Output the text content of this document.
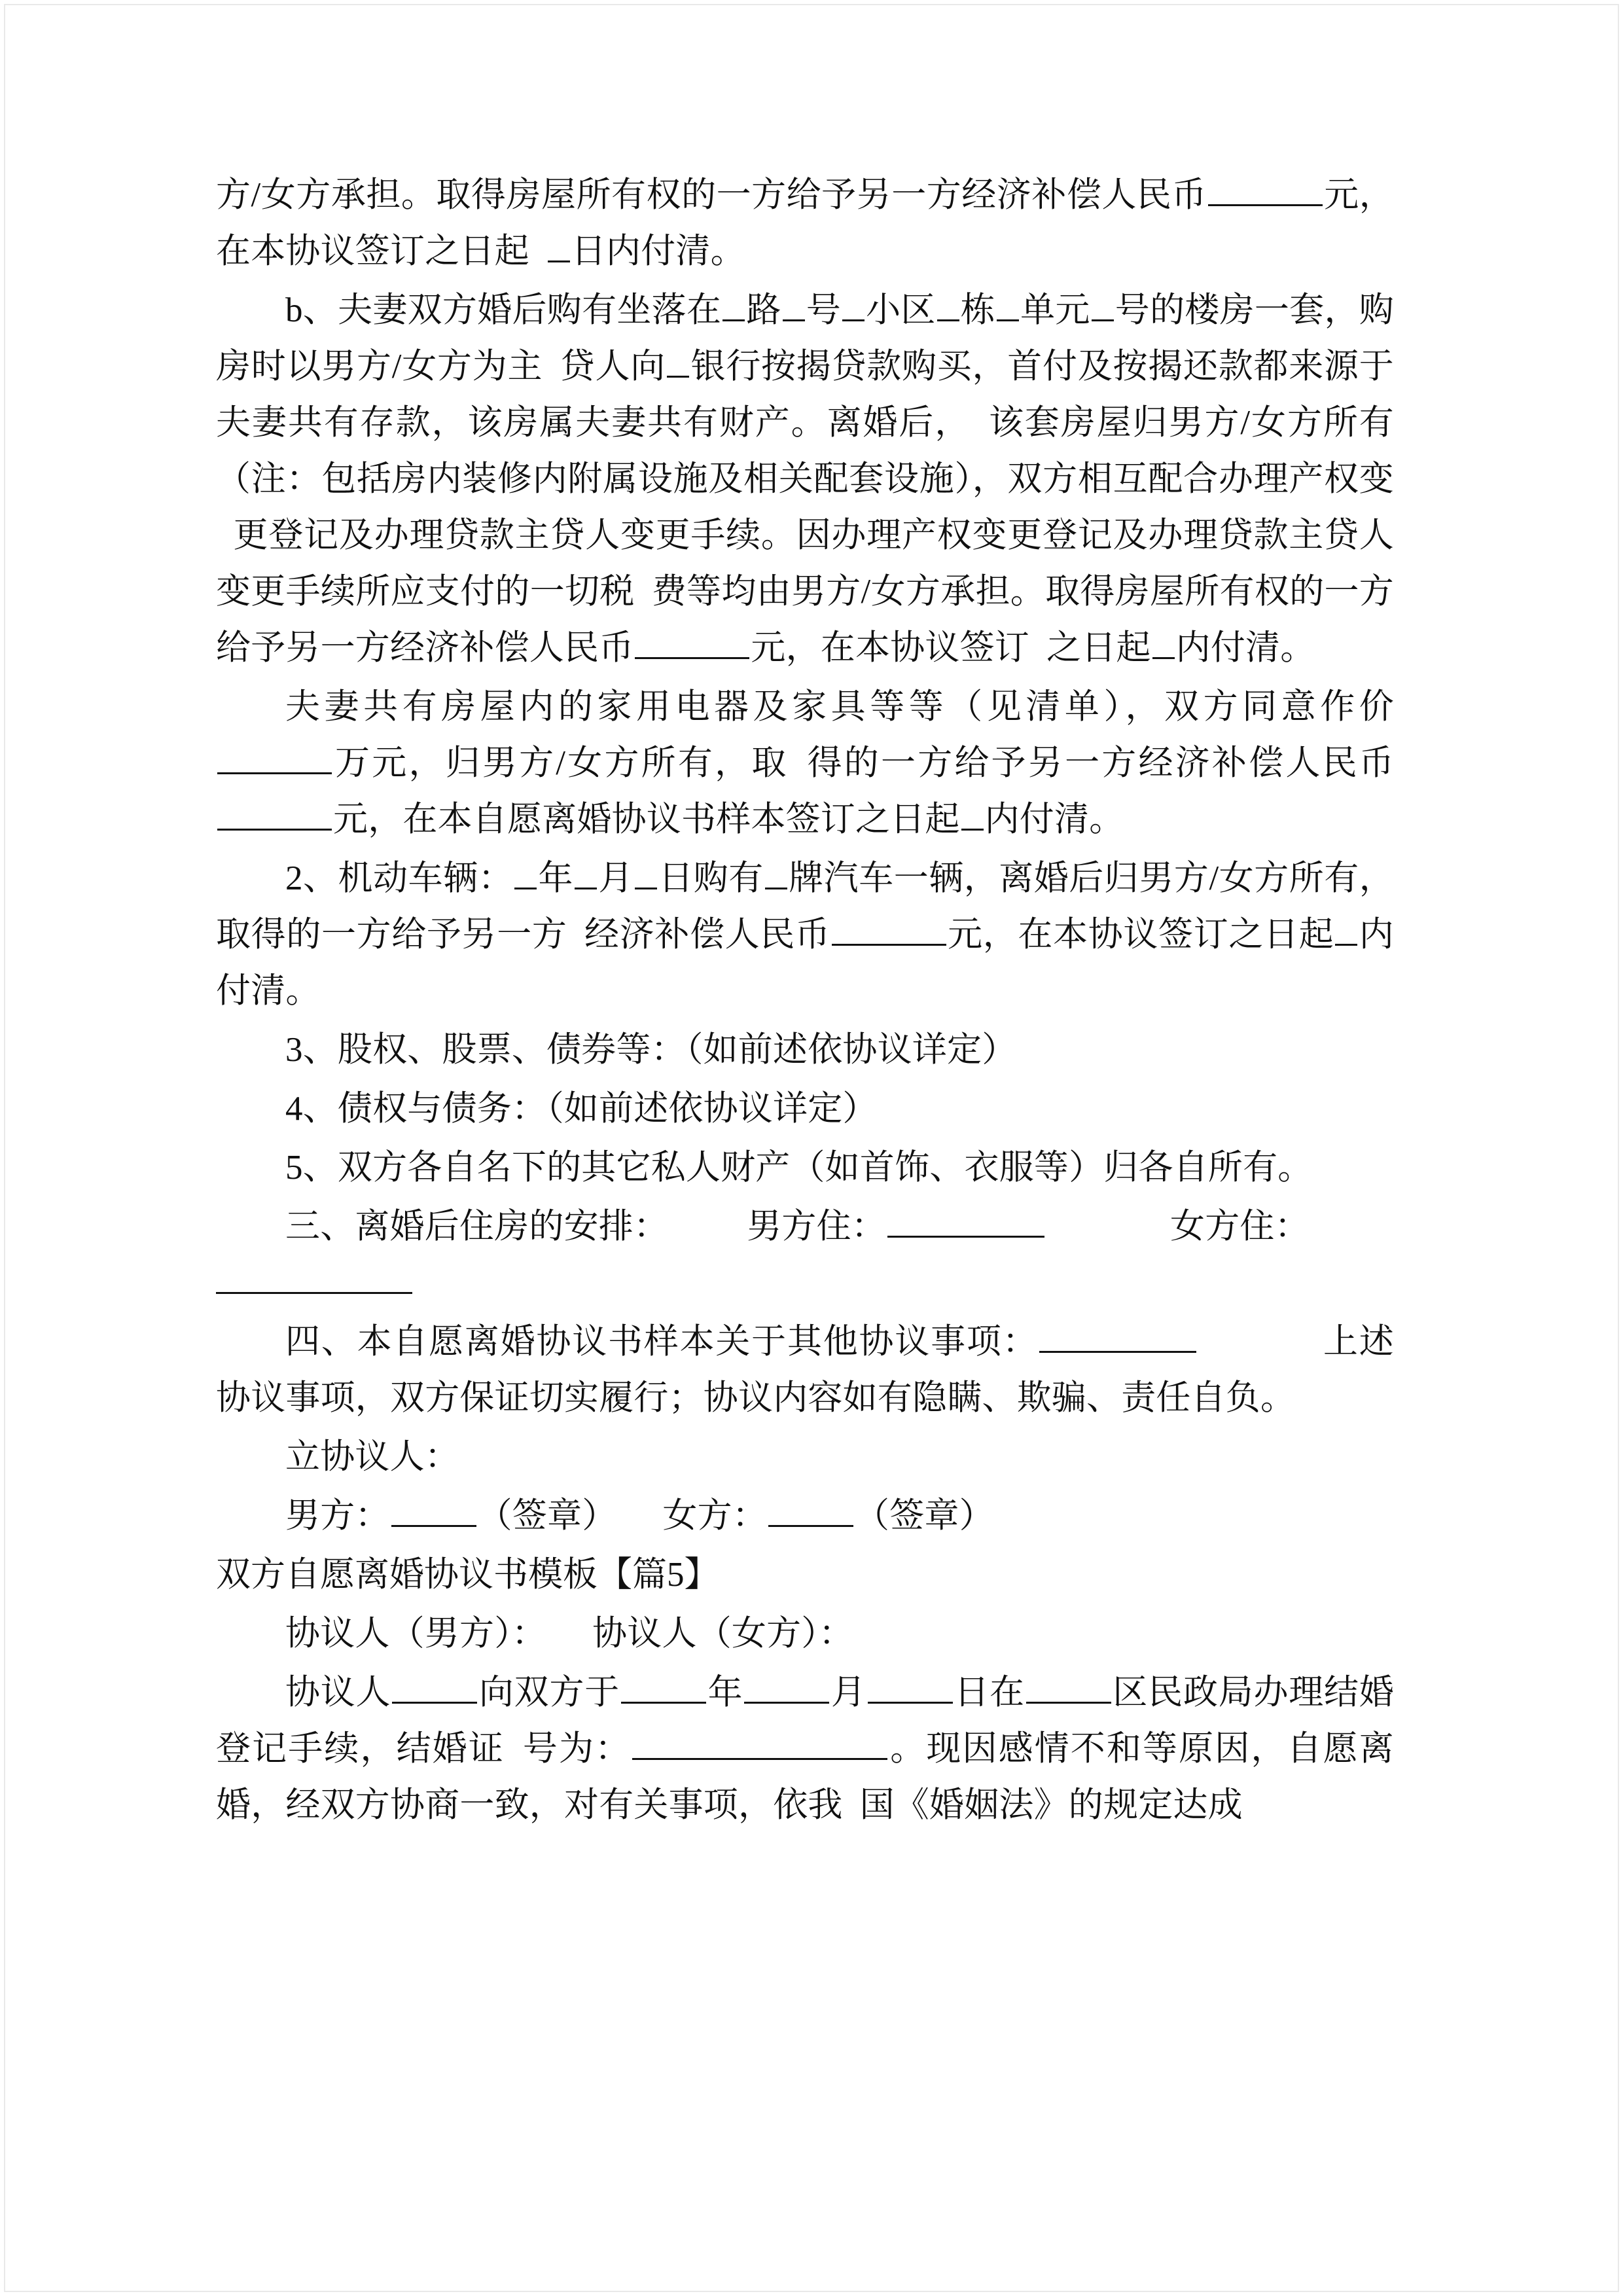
方/女方承担。取得房屋所有权的一方给予另一方经济补偿人民币	元，在本协议签订之日起 日内付清。

b、夫妻双方婚后购有坐落在 路 号 小区 栋 单元 号的楼房一套，购房时以男方/女方为主 贷人向 银行按揭贷款购买，首付及按揭还款都来源于夫妻共有存款，该房属夫妻共有财产。离婚后， 该套房屋归男方/女方所有（注：包括房内装修内附属设施及相关配套设施），双方相互配合办理产权变更登记及办理贷款主贷人变更手续。因办理产权变更登记及办理贷款主贷人变更手续所应支付的一切税 费等均由男方/女方承担。取得房屋所有权的一方给予另一方经济补偿人民币	元，在本协议签订 之日起 内付清。

夫妻共有房屋内的家用电器及家具等等（见清单），双方同意作价万元，归男方/女方所有，取 得的一方给予另一方经济补偿人民币元，在本自愿离婚协议书样本签订之日起 内付清。

2、机动车辆： 年 月 日购有 牌汽车一辆，离婚后归男方/女方所有，取得的一方给予另一方 经济补偿人民币	元，在本协议签订之日起 内付清。

3、股权、股票、债券等：（如前述依协议详定）

4、债权与债务：（如前述依协议详定）

5、双方各自名下的其它私人财产（如首饰、衣服等）归各自所有。

三、离婚后住房的安排： 男方住：	女方住：

四、本自愿离婚协议书样本关于其他协议事项：	上述协议事项，双方保证切实履行；协议内容如有隐瞒、欺骗、责任自负。

立协议人：

男方：	（签章） 女方：	（签章）

双方自愿离婚协议书模板【篇5】

协议人（男方）： 协议人（女方）：

协议人	向双方于	年	月	日在	区民政局办理结婚登记手续，结婚证 号为：	。现因感情不和等原因，自愿离婚，经双方协商一致，对有关事项，依我 国《婚姻法》的规定达成
